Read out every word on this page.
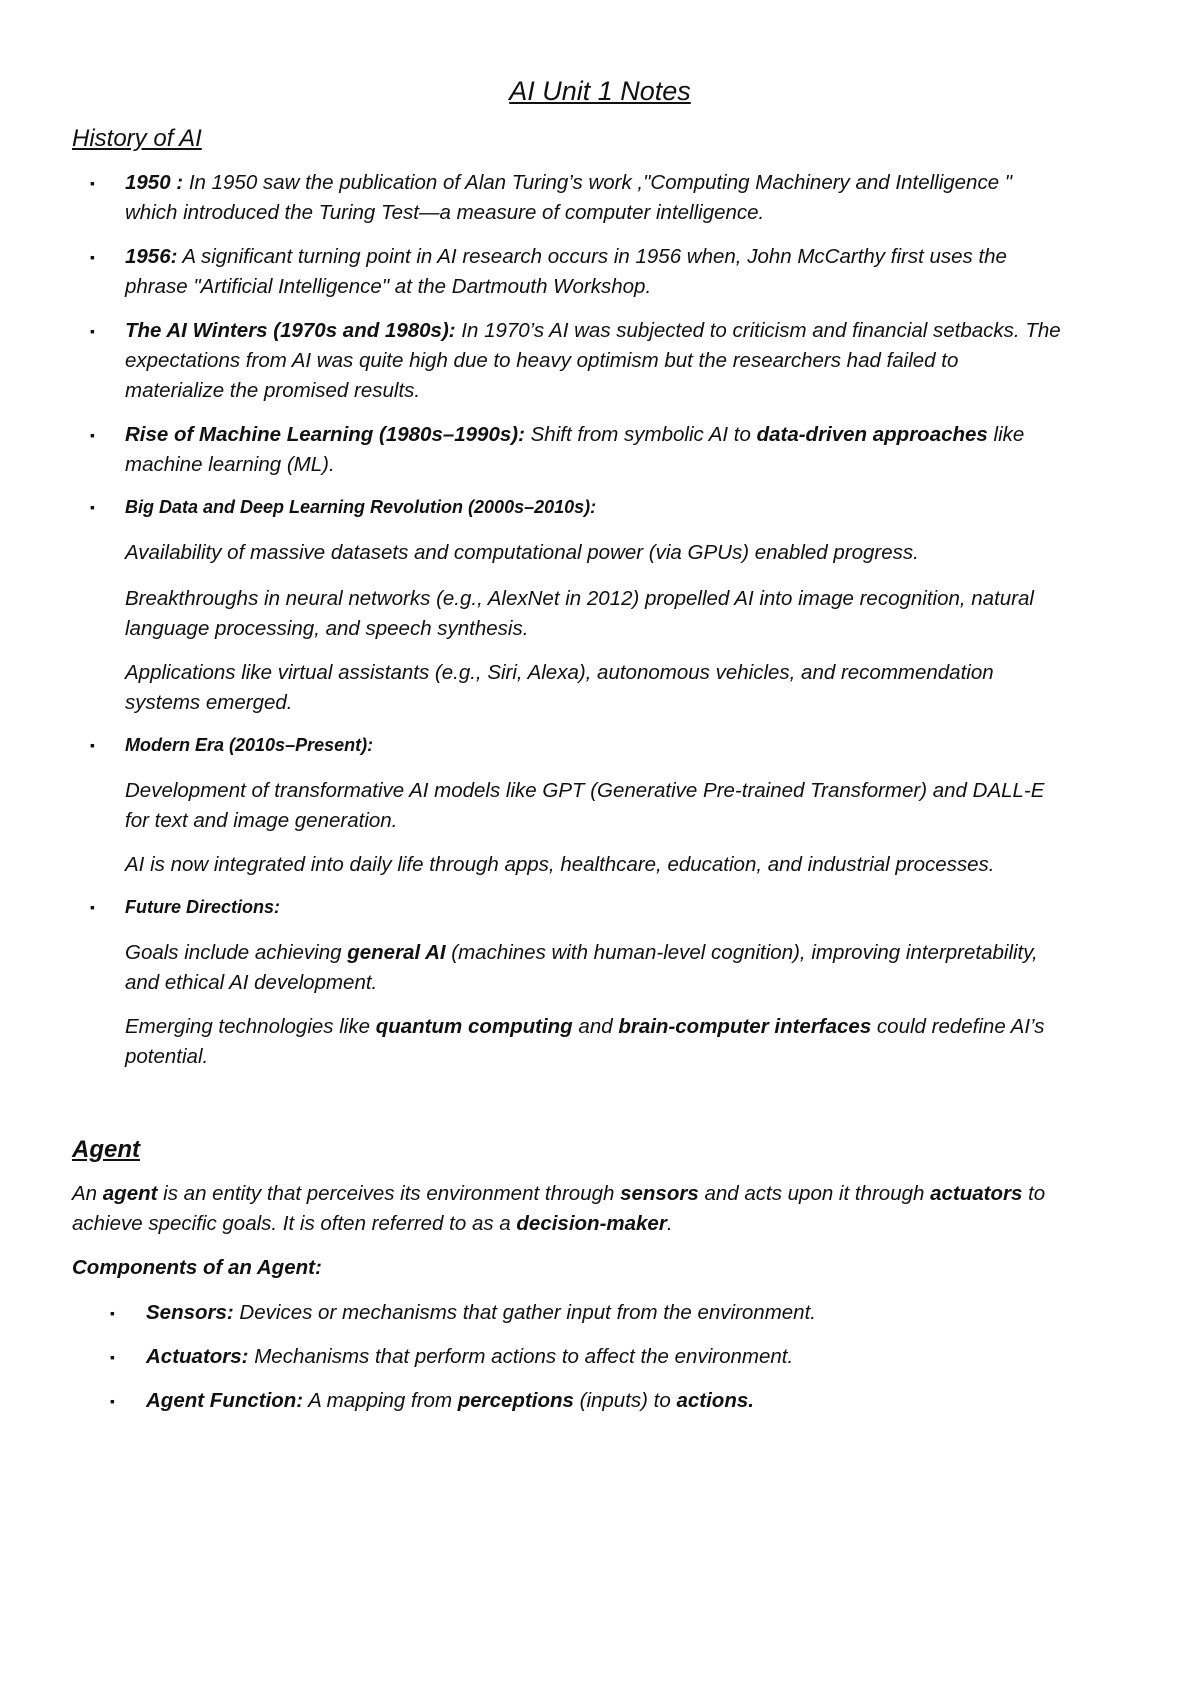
AI Unit 1 Notes
History of AI
▪ 1950 : In 1950 saw the publication of Alan Turing’s work ,"Computing Machinery and Intelligence "
which introduced the Turing Test—a measure of computer intelligence.
▪ 1956: A significant turning point in AI research occurs in 1956 when, John McCarthy first uses the
phrase "Artificial Intelligence" at the Dartmouth Workshop.
▪ The AI Winters (1970s and 1980s): In 1970’s AI was subjected to criticism and financial setbacks. The
expectations from AI was quite high due to heavy optimism but the researchers had failed to
materialize the promised results.
▪ Rise of Machine Learning (1980s–1990s): Shift from symbolic AI to data-driven approaches like
machine learning (ML).
▪ Big Data and Deep Learning Revolution (2000s–2010s):
Availability of massive datasets and computational power (via GPUs) enabled progress.
Breakthroughs in neural networks (e.g., AlexNet in 2012) propelled AI into image recognition, natural
language processing, and speech synthesis.
Applications like virtual assistants (e.g., Siri, Alexa), autonomous vehicles, and recommendation
systems emerged.
▪ Modern Era (2010s–Present):
Development of transformative AI models like GPT (Generative Pre-trained Transformer) and DALL-E
for text and image generation.
AI is now integrated into daily life through apps, healthcare, education, and industrial processes.
▪ Future Directions:
Goals include achieving general AI (machines with human-level cognition), improving interpretability,
and ethical AI development.
Emerging technologies like quantum computing and brain-computer interfaces could redefine AI’s
potential.
Agent
An agent is an entity that perceives its environment through sensors and acts upon it through actuators to
achieve specific goals. It is often referred to as a decision-maker.
Components of an Agent:
▪ Sensors: Devices or mechanisms that gather input from the environment.
▪ Actuators: Mechanisms that perform actions to affect the environment.
▪ Agent Function: A mapping from perceptions (inputs) to actions.
